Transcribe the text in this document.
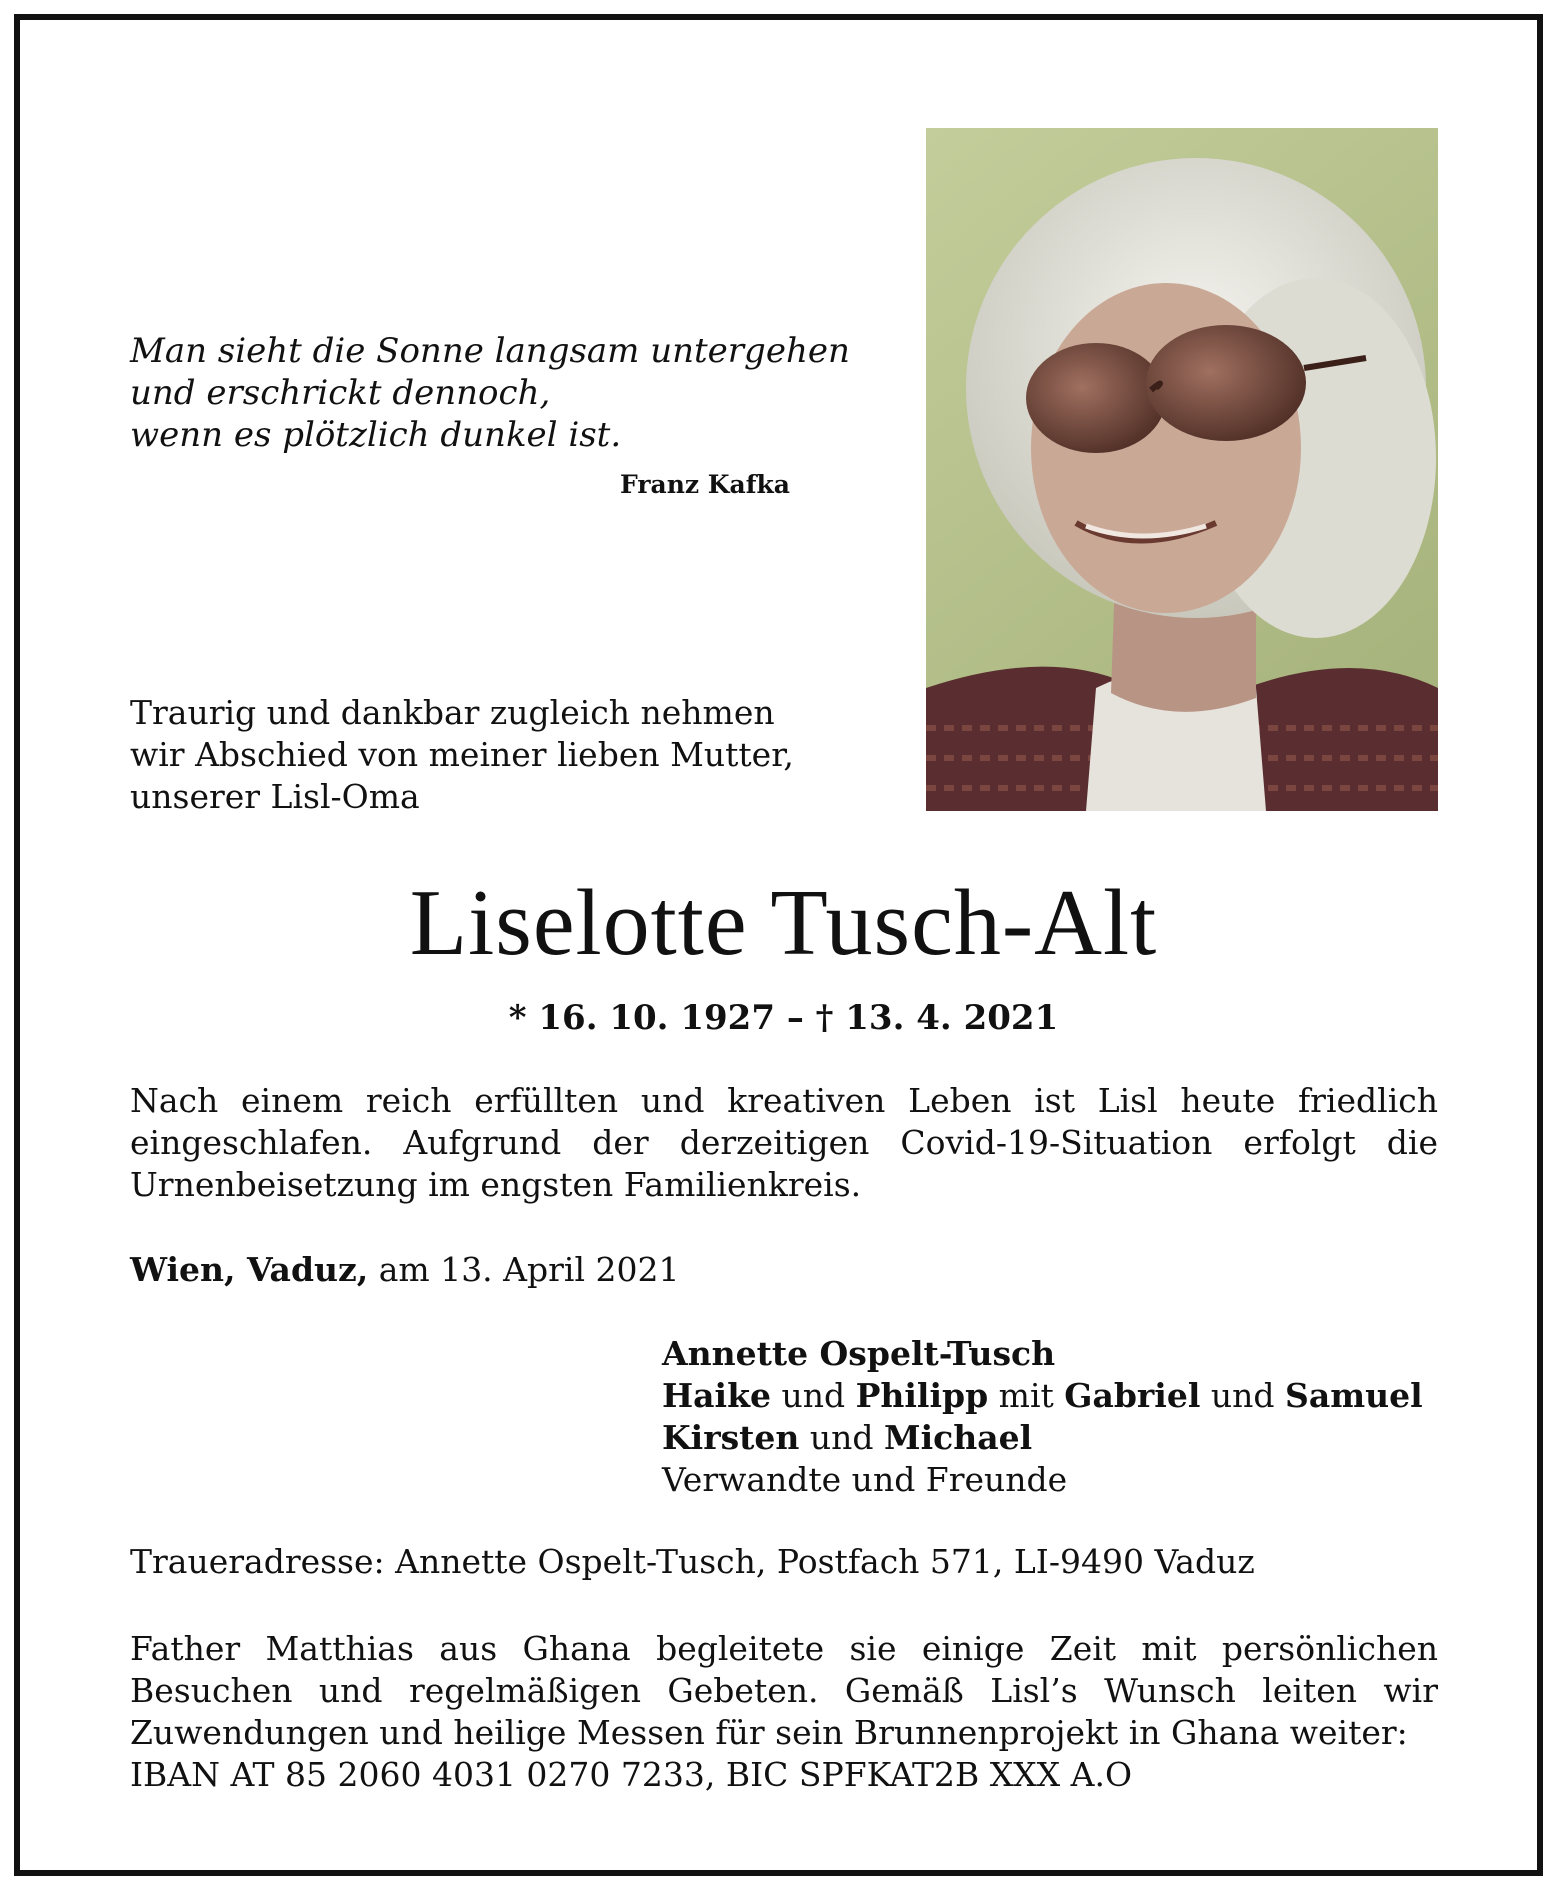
Man sieht die Sonne langsam untergehen
und erschrickt dennoch,
wenn es plötzlich dunkel ist.
Franz Kafka
Traurig und dankbar zugleich nehmen
wir Abschied von meiner lieben Mutter,
unserer Lisl-Oma
Liselotte Tusch-Alt
* 16. 10. 1927 – † 13. 4. 2021
Nach einem reich erfüllten und kreativen Leben ist Lisl heute friedlich eingeschlafen. Aufgrund der derzeitigen Covid-19-Situation erfolgt die Urnenbeisetzung im engsten Familienkreis.
Wien, Vaduz, am 13. April 2021
Annette Ospelt-Tusch
Haike und Philipp mit Gabriel und Samuel
Kirsten und Michael
Verwandte und Freunde
Traueradresse: Annette Ospelt-Tusch, Postfach 571, LI-9490 Vaduz
Father Matthias aus Ghana begleitete sie einige Zeit mit persönlichen Besuchen und regelmäßigen Gebeten. Gemäß Lisl’s Wunsch leiten wir Zuwendungen und heilige Messen für sein Brunnenprojekt in Ghana weiter:
IBAN AT 85 2060 4031 0270 7233, BIC SPFKAT2B XXX A.O
